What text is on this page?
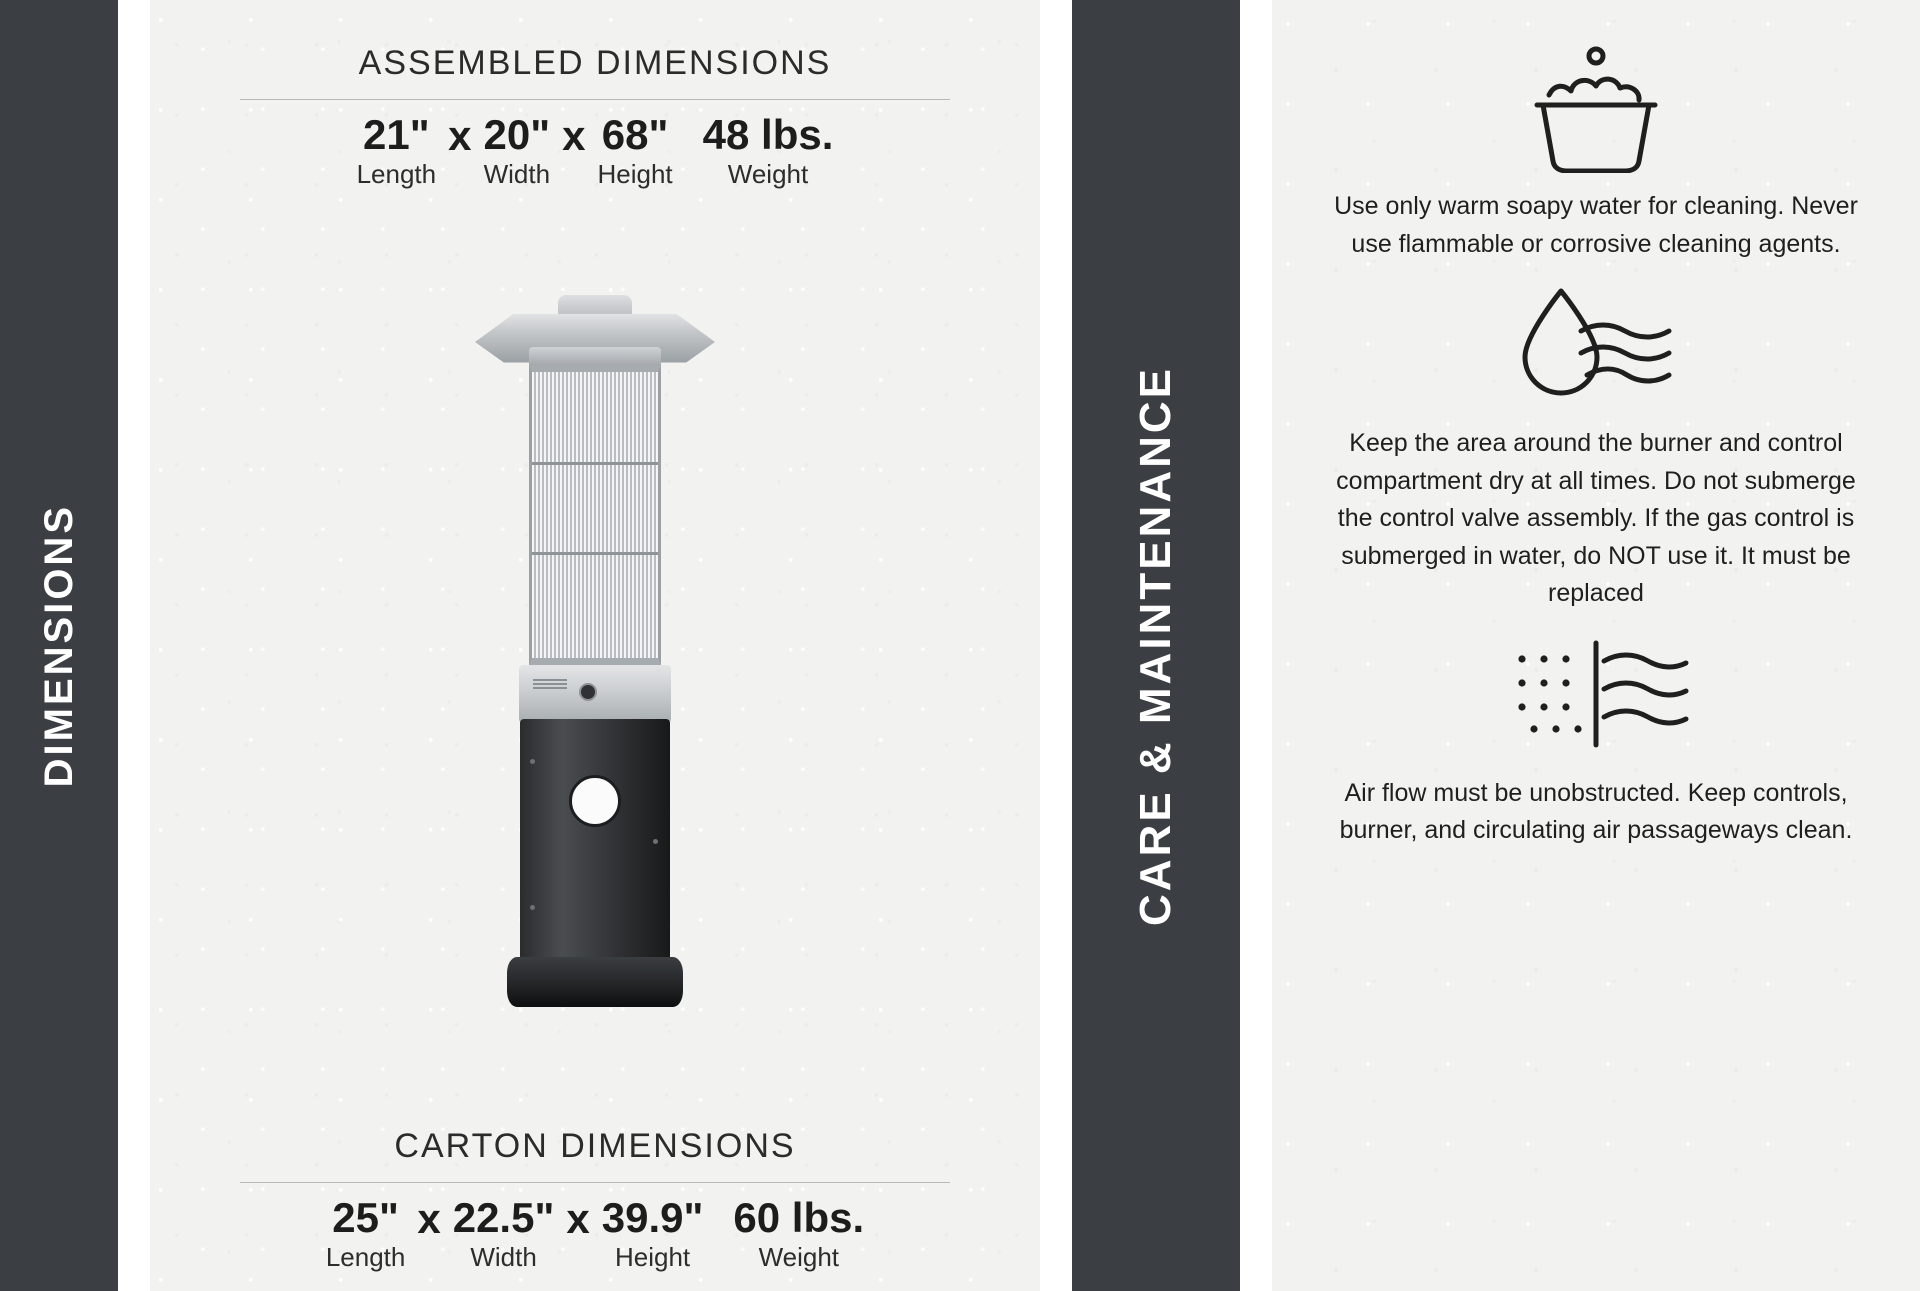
DIMENSIONS
ASSEMBLED DIMENSIONS
21"
Length
x 20"
Width
x 68"
Height
48 lbs.
Weight
CARTON DIMENSIONS
25"
Length
x 22.5"
Width
x 39.9"
Height
60 lbs.
Weight
CARE & MAINTENANCE
Use only warm soapy water for cleaning. Never use flammable or corrosive cleaning agents.
Keep the area around the burner and control compartment dry at all times. Do not submerge the control valve assembly. If the gas control is submerged in water, do NOT use it. It must be replaced
Air flow must be unobstructed. Keep controls, burner, and circulating air passageways clean.
